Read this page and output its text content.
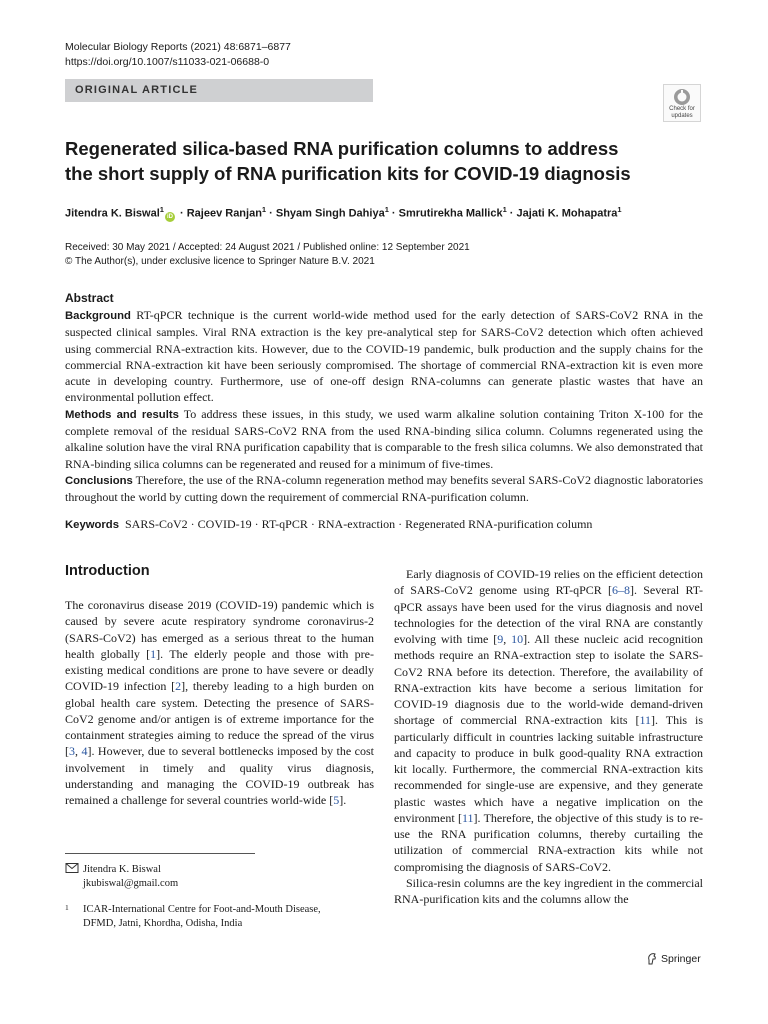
Molecular Biology Reports (2021) 48:6871–6877
https://doi.org/10.1007/s11033-021-06688-0
ORIGINAL ARTICLE
Check for
updates
Regenerated silica-based RNA purification columns to address
the short supply of RNA purification kits for COVID-19 diagnosis
Jitendra K. Biswal$^1$iD · Rajeev Ranjan$^1$ · Shyam Singh Dahiya$^1$ · Smrutirekha Mallick$^1$ · Jajati K. Mohapatra$^1$
Received: 30 May 2021 / Accepted: 24 August 2021 / Published online: 12 September 2021
© The Author(s), under exclusive licence to Springer Nature B.V. 2021
Abstract

Background RT-qPCR technique is the current world-wide method used for the early detection of SARS-CoV2 RNA in the suspected clinical samples. Viral RNA extraction is the key pre-analytical step for SARS-CoV2 detection which often achieved using commercial RNA-extraction kits. However, due to the COVID-19 pandemic, bulk production and the supply chains for the commercial RNA-extraction kit have been seriously compromised. The shortage of commercial RNA-extraction kit is even more acute in developing country. Furthermore, use of one-off design RNA-columns can generate plastic wastes that have an environmental pollution effect.

Methods and results To address these issues, in this study, we used warm alkaline solution containing Triton X-100 for the complete removal of the residual SARS-CoV2 RNA from the used RNA-binding silica column. Columns regenerated using the alkaline solution have the viral RNA purification capability that is comparable to the fresh silica columns. We also demonstrated that RNA-binding silica columns can be regenerated and reused for a minimum of five-times.

Conclusions Therefore, the use of the RNA-column regeneration method may benefits several SARS-CoV2 diagnostic laboratories throughout the world by cutting down the requirement of commercial RNA-purification column.

Keywords SARS-CoV2 · COVID-19 · RT-qPCR · RNA-extraction · Regenerated RNA-purification column
Introduction

The coronavirus disease 2019 (COVID-19) pandemic which is caused by severe acute respiratory syndrome coronavirus-2 (SARS-CoV2) has emerged as a serious threat to the human health globally [1]. The elderly people and those with pre-existing medical conditions are prone to have severe or deadly COVID-19 infection [2], thereby leading to a high burden on global health care system. Detecting the presence of SARS-CoV2 genome and/or antigen is of extreme importance for the containment strategies aiming to reduce the spread of the virus [3, 4]. However, due to several bottlenecks imposed by the cost involvement in timely and quality virus diagnosis, understanding and managing the COVID-19 outbreak has remained a challenge for several countries world-wide [5].

Early diagnosis of COVID-19 relies on the efficient detection of SARS-CoV2 genome using RT-qPCR [6–8]. Several RT-qPCR assays have been used for the virus diagnosis and novel technologies for the detection of the viral RNA are constantly evolving with time [9, 10]. All these nucleic acid recognition methods require an RNA-extraction step to isolate the SARS-CoV2 RNA before its detection. Therefore, the availability of RNA-extraction kits have become a serious limitation for COVID-19 diagnosis due to the world-wide demand-driven shortage of commercial RNA-extraction kits [11]. This is particularly difficult in countries lacking suitable infrastructure and capacity to produce in bulk good-quality RNA extraction kit locally. Furthermore, the commercial RNA-extraction kits recommended for single-use are expensive, and they generate plastic wastes which have a negative implication on the environment [11]. Therefore, the objective of this study is to re-use the RNA purification columns, thereby curtailing the utilization of commercial RNA-extraction kits while not compromising the diagnosis of SARS-CoV2.

Silica-resin columns are the key ingredient in the commercial RNA-purification kits and the columns allow the

Jitendra K. Biswal
jkubiswal@gmail.com
1 ICAR-International Centre for Foot-and-Mouth Disease,
DFMD, Jatni, Khordha, Odisha, India
Springer
